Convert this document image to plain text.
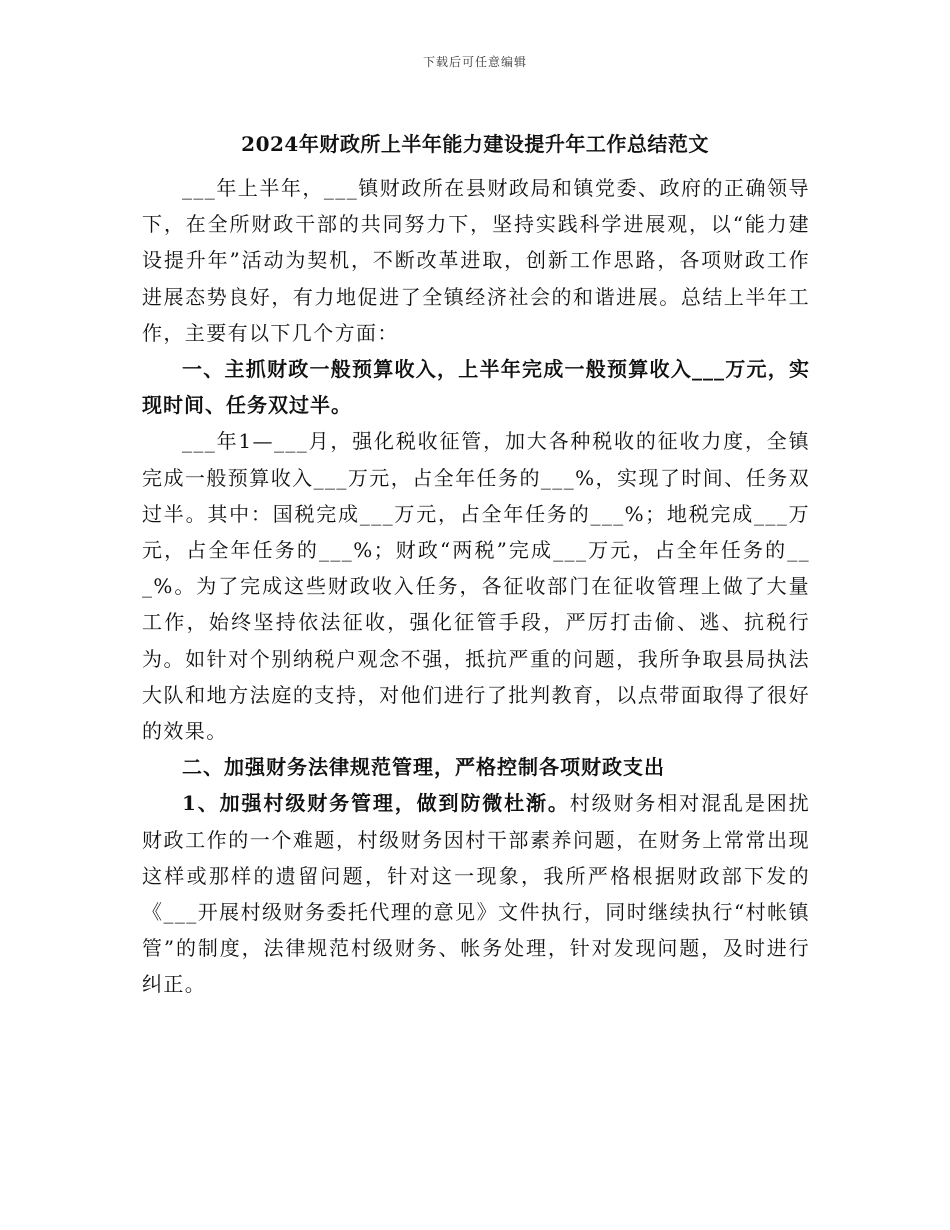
下载后可任意编辑
2024年财政所上半年能力建设提升年工作总结范文

___年上半年，___镇财政所在县财政局和镇党委、政府的正确领导下，在全所财政干部的共同努力下，坚持实践科学进展观，以“能力建设提升年”活动为契机，不断改革进取，创新工作思路，各项财政工作进展态势良好，有力地促进了全镇经济社会的和谐进展。总结上半年工作，主要有以下几个方面：

一、主抓财政一般预算收入，上半年完成一般预算收入___万元，实现时间、任务双过半。

___年1—___月，强化税收征管，加大各种税收的征收力度，全镇完成一般预算收入___万元，占全年任务的___%，实现了时间、任务双过半。其中：国税完成___万元，占全年任务的___%；地税完成___万元，占全年任务的___%；财政“两税”完成___万元，占全年任务的___%。为了完成这些财政收入任务，各征收部门在征收管理上做了大量工作，始终坚持依法征收，强化征管手段，严厉打击偷、逃、抗税行为。如针对个别纳税户观念不强，抵抗严重的问题，我所争取县局执法大队和地方法庭的支持，对他们进行了批判教育，以点带面取得了很好的效果。

二、加强财务法律规范管理，严格控制各项财政支出

1、加强村级财务管理，做到防微杜渐。村级财务相对混乱是困扰财政工作的一个难题，村级财务因村干部素养问题，在财务上常常出现这样或那样的遗留问题，针对这一现象，我所严格根据财政部下发的《___开展村级财务委托代理的意见》文件执行，同时继续执行“村帐镇管”的制度，法律规范村级财务、帐务处理，针对发现问题，及时进行纠正。
